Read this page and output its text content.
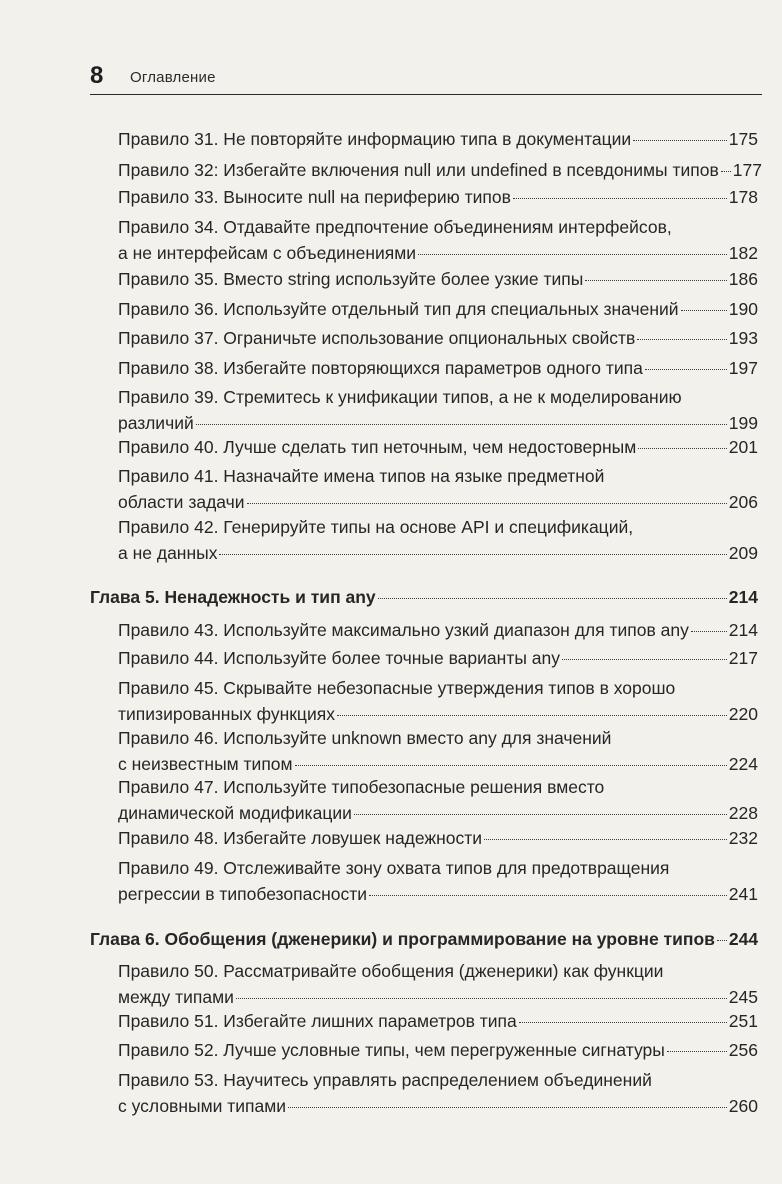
8 Оглавление
Правило 31. Не повторяйте информацию типа в документации	175
Правило 32: Избегайте включения null или undefined в псевдонимы типов 177
Правило 33. Выносите null на периферию типов	178
Правило 34. Отдавайте предпочтение объединениям интерфейсов,
а не интерфейсам с объединениями	182
Правило 35. Вместо string используйте более узкие типы	186
Правило 36. Используйте отдельный тип для специальных значений	190
Правило 37. Ограничьте использование опциональных свойств	193
Правило 38. Избегайте повторяющихся параметров одного типа	197
Правило 39. Стремитесь к унификации типов, а не к моделированию
различий	199
Правило 40. Лучше сделать тип неточным, чем недостоверным	201
Правило 41. Назначайте имена типов на языке предметной
области задачи	206
Правило 42. Генерируйте типы на основе API и спецификаций,
а не данных	209
Глава 5. Ненадежность и тип any	214
Правило 43. Используйте максимально узкий диапазон для типов any 214
Правило 44. Используйте более точные варианты any	217
Правило 45. Скрывайте небезопасные утверждения типов в хорошо
типизированных функциях	220
Правило 46. Используйте unknown вместо any для значений
с неизвестным типом	224
Правило 47. Используйте типобезопасные решения вместо
динамической модификации	228
Правило 48. Избегайте ловушек надежности	232
Правило 49. Отслеживайте зону охвата типов для предотвращения
регрессии в типобезопасности	241
Глава 6. Обобщения (дженерики) и программирование на уровне типов 244
Правило 50. Рассматривайте обобщения (дженерики) как функции
между типами	245
Правило 51. Избегайте лишних параметров типа	251
Правило 52. Лучше условные типы, чем перегруженные сигнатуры	256
Правило 53. Научитесь управлять распределением объединений
с условными типами	260
